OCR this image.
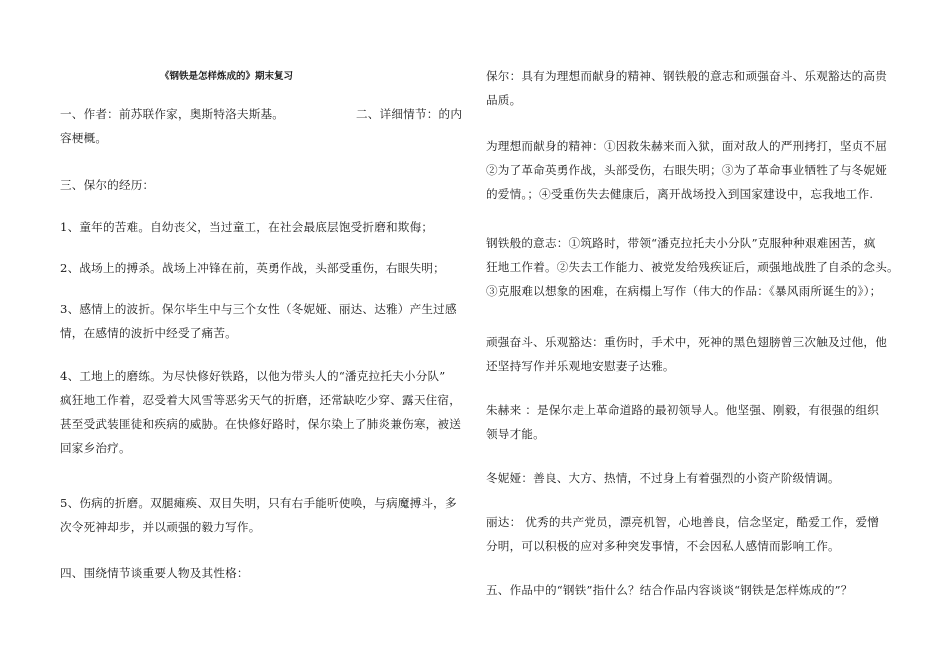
《钢铁是怎样炼成的》期末复习
一、作者：前苏联作家，奥斯特洛夫斯基。	二、详细情节：的内
容梗概。
三、保尔的经历：
1、童年的苦难。自幼丧父，当过童工，在社会最底层饱受折磨和欺侮；
2、战场上的搏杀。战场上冲锋在前，英勇作战，头部受重伤，右眼失明；
3、感情上的波折。保尔毕生中与三个女性（冬妮娅、丽达、达雅）产生过感
情，在感情的波折中经受了痛苦。
4、工地上的磨练。为尽快修好铁路，以他为带头人的“潘克拉托夫小分队”
疯狂地工作着，忍受着大风雪等恶劣天气的折磨，还常缺吃少穿、露天住宿，
甚至受武装匪徒和疾病的威胁。在快修好路时，保尔染上了肺炎兼伤寒，被送
回家乡治疗。
5、伤病的折磨。双腿瘫痪、双目失明，只有右手能听使唤，与病魔搏斗，多
次令死神却步，并以顽强的毅力写作。
四、围绕情节谈重要人物及其性格：
保尔：具有为理想而献身的精神、钢铁般的意志和顽强奋斗、乐观豁达的高贵
品质。
为理想而献身的精神：①因救朱赫来而入狱，面对敌人的严刑拷打，坚贞不屈
②为了革命英勇作战，头部受伤，右眼失明；③为了革命事业牺牲了与冬妮娅
的爱情。；④受重伤失去健康后，离开战场投入到国家建设中，忘我地工作.
钢铁般的意志：①筑路时，带领“潘克拉托夫小分队”克服种种艰难困苦，疯
狂地工作着。②失去工作能力、被党发给残疾证后，顽强地战胜了自杀的念头。
③克服难以想象的困难，在病榻上写作（伟大的作品：《暴风雨所诞生的》）；
顽强奋斗、乐观豁达：重伤时，手术中，死神的黑色翅膀曾三次触及过他，他
还坚持写作并乐观地安慰妻子达雅。
朱赫来 ：是保尔走上革命道路的最初领导人。他坚强、刚毅，有很强的组织
领导才能。
冬妮娅：善良、大方、热情，不过身上有着强烈的小资产阶级情调。
丽达： 优秀的共产党员，漂亮机智，心地善良，信念坚定，酷爱工作，爱憎
分明，可以积极的应对多种突发事情，不会因私人感情而影响工作。
五、作品中的“钢铁”指什么？结合作品内容谈谈“钢铁是怎样炼成的”？
